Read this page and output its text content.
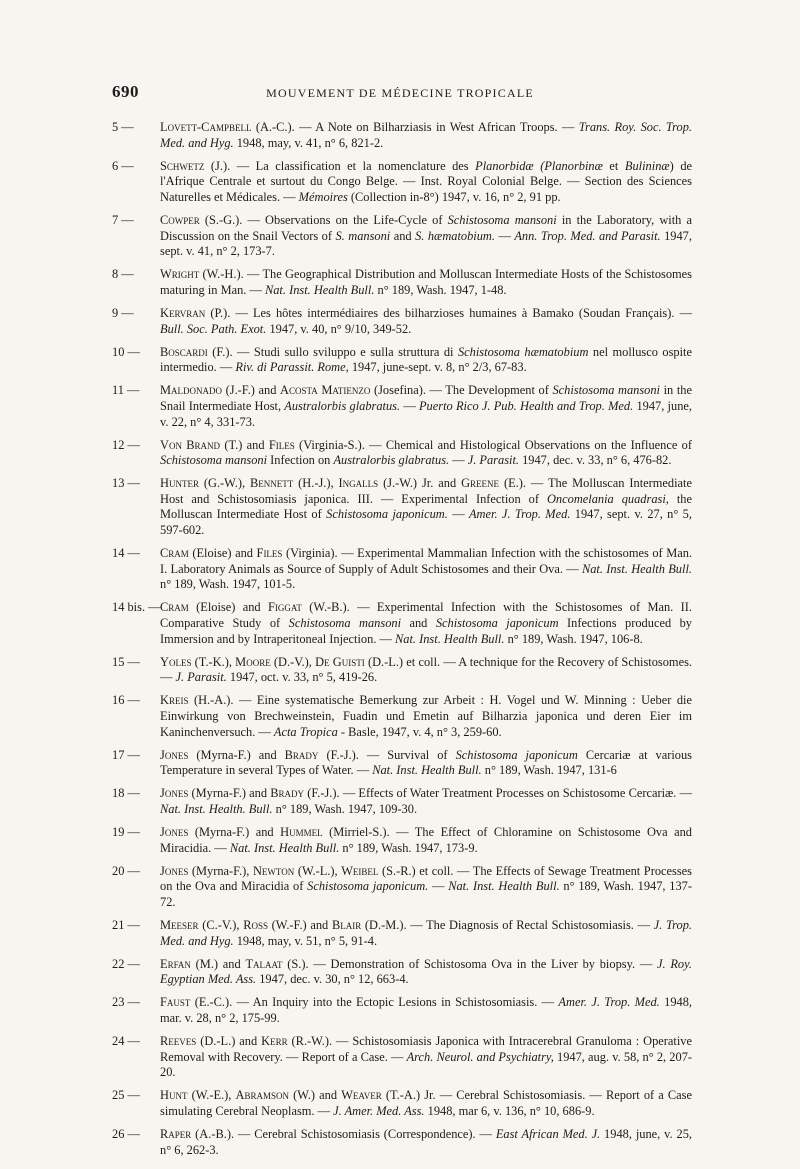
690	MOUVEMENT DE MÉDECINE TROPICALE
5 —	Lovett-Campbell (A.-C.). — A Note on Bilharziasis in West African Troops. — Trans. Roy. Soc. Trop. Med. and Hyg. 1948, may, v. 41, n° 6, 821-2.
6 —	Schwetz (J.). — La classification et la nomenclature des Planorbidæ (Planorbinæ et Bulininæ) de l'Afrique Centrale et surtout du Congo Belge. — Inst. Royal Colonial Belge. — Section des Sciences Naturelles et Médicales. — Mémoires (Collection in-8°) 1947, v. 16, n° 2, 91 pp.
7 —	Cowper (S.-G.). — Observations on the Life-Cycle of Schistosoma mansoni in the Laboratory, with a Discussion on the Snail Vectors of S. mansoni and S. hæmatobium. — Ann. Trop. Med. and Parasit. 1947, sept. v. 41, n° 2, 173-7.
8 —	Wright (W.-H.). — The Geographical Distribution and Molluscan Intermediate Hosts of the Schistosomes maturing in Man. — Nat. Inst. Health Bull. n° 189, Wash. 1947, 1-48.
9 —	Kervran (P.). — Les hôtes intermédiaires des bilharzioses humaines à Bamako (Soudan Français). — Bull. Soc. Path. Exot. 1947, v. 40, n° 9/10, 349-52.
10 —	Boscardi (F.). — Studi sullo sviluppo e sulla struttura di Schistosoma hæmatobium nel mollusco ospite intermedio. — Riv. di Parassit. Rome, 1947, june-sept. v. 8, n° 2/3, 67-83.
11 —	Maldonado (J.-F.) and Acosta Matienzo (Josefina). — The Development of Schistosoma mansoni in the Snail Intermediate Host, Australorbis glabratus. — Puerto Rico J. Pub. Health and Trop. Med. 1947, june, v. 22, n° 4, 331-73.
12 —	Von Brand (T.) and Files (Virginia-S.). — Chemical and Histological Observations on the Influence of Schistosoma mansoni Infection on Australorbis glabratus. — J. Parasit. 1947, dec. v. 33, n° 6, 476-82.
13 —	Hunter (G.-W.), Bennett (H.-J.), Ingalls (J.-W.) Jr. and Greene (E.). — The Molluscan Intermediate Host and Schistosomiasis japonica. III. — Experimental Infection of Oncomelania quadrasi, the Molluscan Intermediate Host of Schistosoma japonicum. — Amer. J. Trop. Med. 1947, sept. v. 27, n° 5, 597-602.
14 —	Cram (Eloise) and Files (Virginia). — Experimental Mammalian Infection with the schistosomes of Man. I. Laboratory Animals as Source of Supply of Adult Schistosomes and their Ova. — Nat. Inst. Health Bull. n° 189, Wash. 1947, 101-5.
14 bis. — Cram (Eloise) and Figgat (W.-B.). — Experimental Infection with the Schistosomes of Man. II. Comparative Study of Schistosoma mansoni and Schistosoma japonicum Infections produced by Immersion and by Intraperitoneal Injection. — Nat. Inst. Health Bull. n° 189, Wash. 1947, 106-8.
15 —	Yoles (T.-K.), Moore (D.-V.), De Guisti (D.-L.) et coll. — A technique for the Recovery of Schistosomes. — J. Parasit. 1947, oct. v. 33, n° 5, 419-26.
16 —	Kreis (H.-A.). — Eine systematische Bemerkung zur Arbeit : H. Vogel und W. Minning : Ueber die Einwirkung von Brechweinstein, Fuadin und Emetin auf Bilharzia japonica und deren Eier im Kaninchenversuch. — Acta Tropica - Basle, 1947, v. 4, n° 3, 259-60.
17 —	Jones (Myrna-F.) and Brady (F.-J.). — Survival of Schistosoma japonicum Cercariæ at various Temperature in several Types of Water. — Nat. Inst. Health Bull. n° 189, Wash. 1947, 131-6
18 —	Jones (Myrna-F.) and Brady (F.-J.). — Effects of Water Treatment Processes on Schistosome Cercariæ. — Nat. Inst. Health. Bull. n° 189, Wash. 1947, 109-30.
19 —	Jones (Myrna-F.) and Hummel (Mirriel-S.). — The Effect of Chloramine on Schistosome Ova and Miracidia. — Nat. Inst. Health Bull. n° 189, Wash. 1947, 173-9.
20 —	Jones (Myrna-F.), Newton (W.-L.), Weibel (S.-R.) et coll. — The Effects of Sewage Treatment Processes on the Ova and Miracidia of Schistosoma japonicum. — Nat. Inst. Health Bull. n° 189, Wash. 1947, 137-72.
21 —	Meeser (C.-V.), Ross (W.-F.) and Blair (D.-M.). — The Diagnosis of Rectal Schistosomiasis. — J. Trop. Med. and Hyg. 1948, may, v. 51, n° 5, 91-4.
22 —	Erfan (M.) and Talaat (S.). — Demonstration of Schistosoma Ova in the Liver by biopsy. — J. Roy. Egyptian Med. Ass. 1947, dec. v. 30, n° 12, 663-4.
23 —	Faust (E.-C.). — An Inquiry into the Ectopic Lesions in Schistosomiasis. — Amer. J. Trop. Med. 1948, mar. v. 28, n° 2, 175-99.
24 —	Reeves (D.-L.) and Kerr (R.-W.). — Schistosomiasis Japonica with Intracerebral Granuloma : Operative Removal with Recovery. — Report of a Case. — Arch. Neurol. and Psychiatry, 1947, aug. v. 58, n° 2, 207-20.
25 —	Hunt (W.-E.), Abramson (W.) and Weaver (T.-A.) Jr. — Cerebral Schistosomiasis. — Report of a Case simulating Cerebral Neoplasm. — J. Amer. Med. Ass. 1948, mar 6, v. 136, n° 10, 686-9.
26 —	Raper (A.-B.). — Cerebral Schistosomiasis (Correspondence). — East African Med. J. 1948, june, v. 25, n° 6, 262-3.
